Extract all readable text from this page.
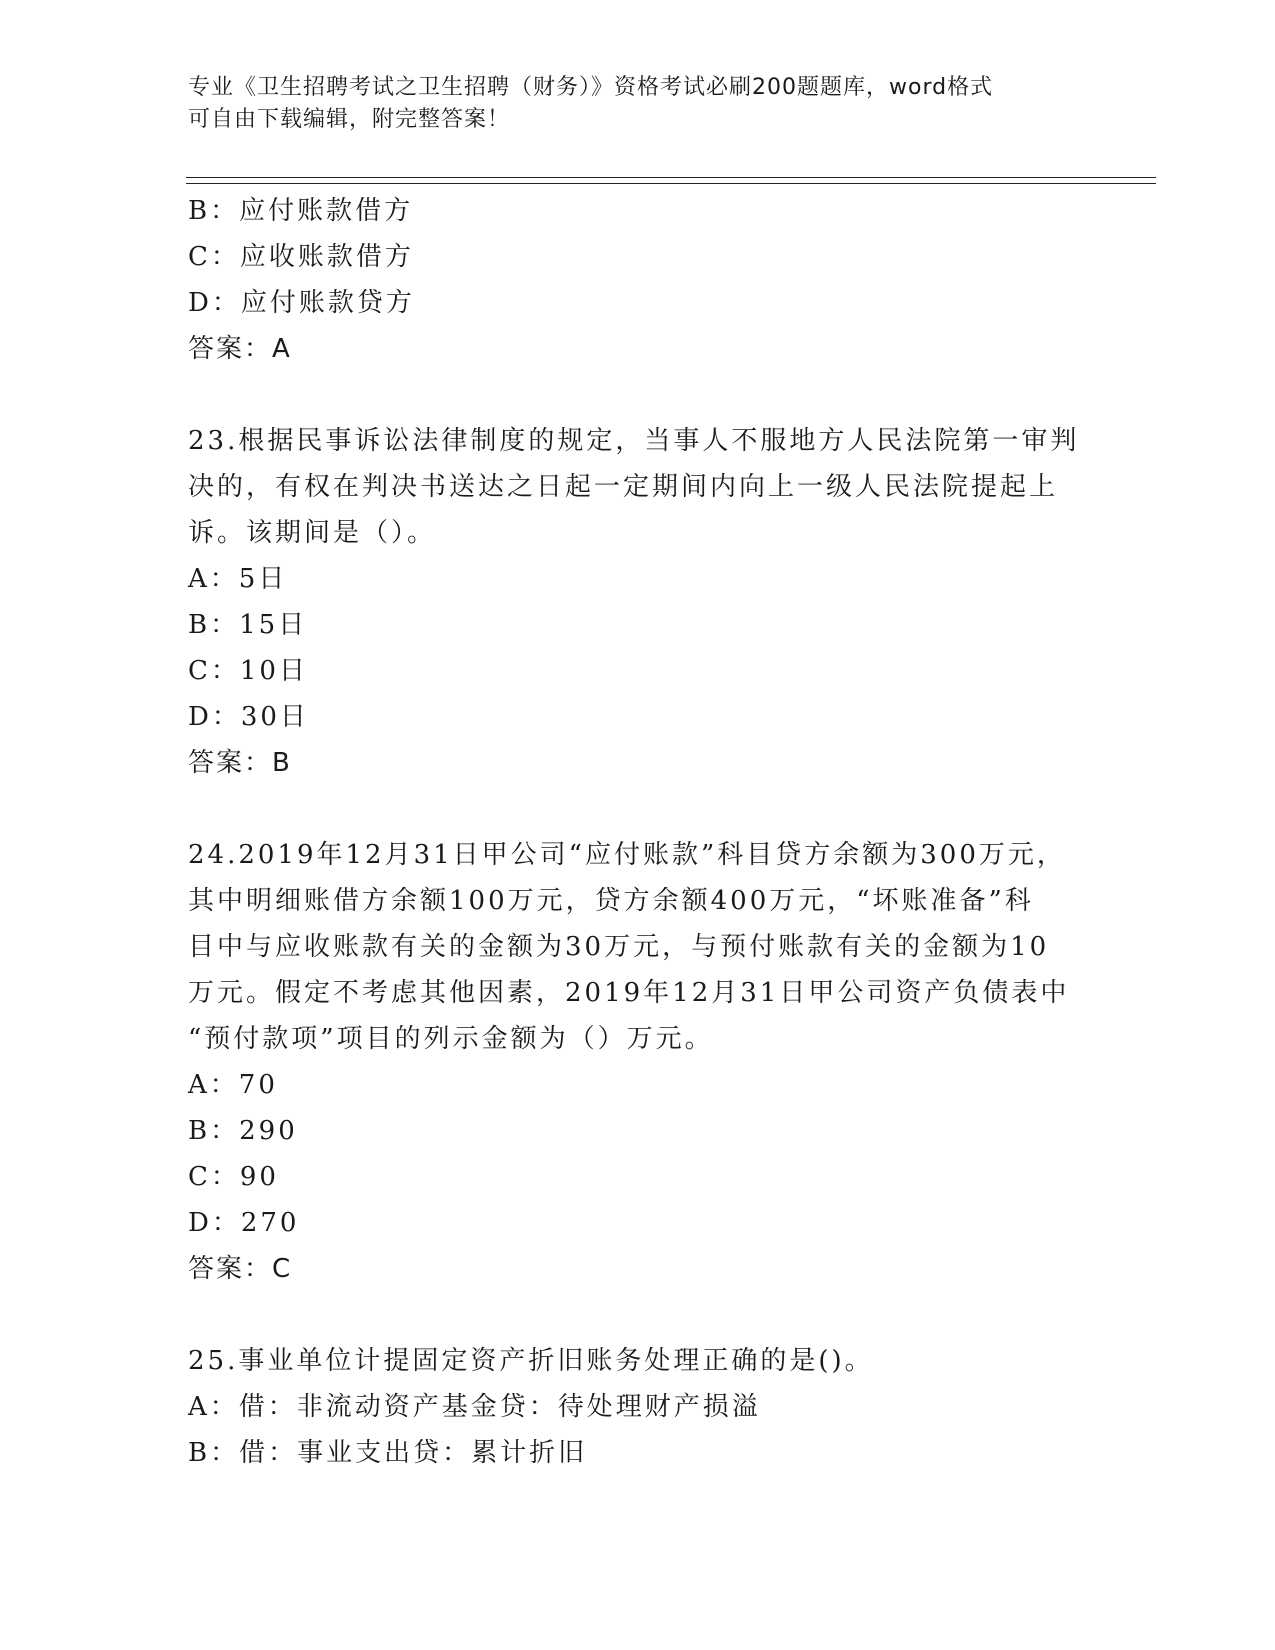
专业《卫生招聘考试之卫生招聘（财务）》资格考试必刷200题题库，word格式
可自由下载编辑，附完整答案！
B：应付账款借方
C：应收账款借方
D：应付账款贷方
答案：A
23.根据民事诉讼法律制度的规定，当事人不服地方人民法院第一审判
决的，有权在判决书送达之日起一定期间内向上一级人民法院提起上
诉。该期间是（）。
A：5日
B：15日
C：10日
D：30日
答案：B
24.2019年12月31日甲公司“应付账款”科目贷方余额为300万元，
其中明细账借方余额100万元，贷方余额400万元，“坏账准备”科
目中与应收账款有关的金额为30万元，与预付账款有关的金额为10
万元。假定不考虑其他因素，2019年12月31日甲公司资产负债表中
“预付款项”项目的列示金额为（）万元。
A：70
B：290
C：90
D：270
答案：C
25.事业单位计提固定资产折旧账务处理正确的是()。
A：借：非流动资产基金贷：待处理财产损溢
B：借：事业支出贷：累计折旧
